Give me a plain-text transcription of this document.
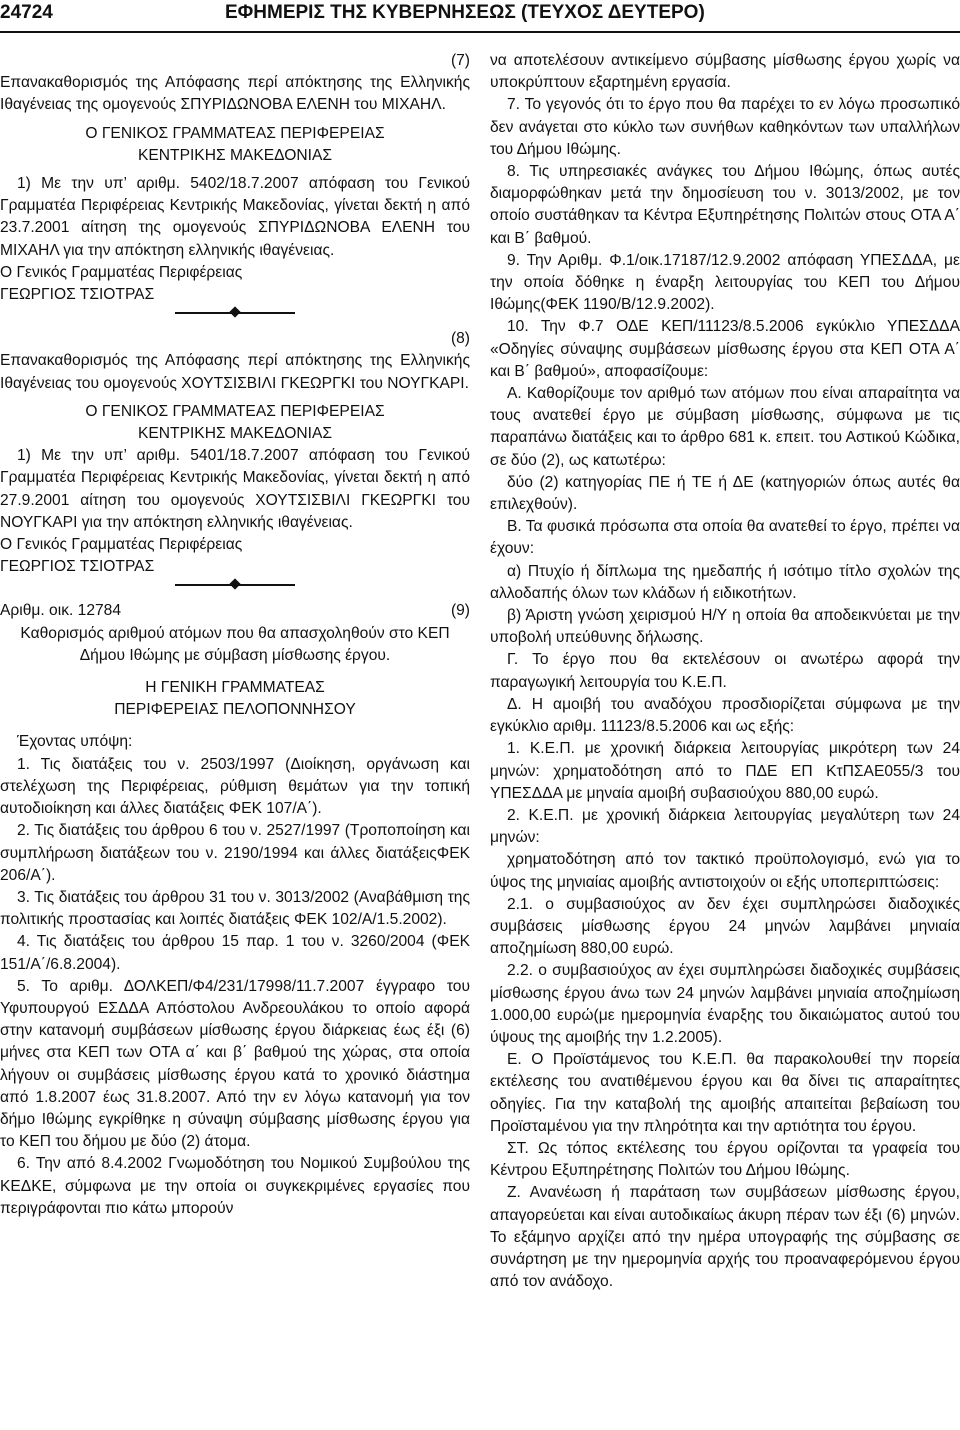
24724	ΕΦΗΜΕΡΙΣ ΤΗΣ ΚΥΒΕΡΝΗΣΕΩΣ (ΤΕΥΧΟΣ ΔΕΥΤΕΡΟ)

(7)

Επανακαθορισμός της Απόφασης περί απόκτησης της Ελληνικής Ιθαγένειας της ομογενούς ΣΠΥΡΙΔΩΝΟΒΑ ΕΛΕΝΗ του ΜΙΧΑΗΛ.

Ο ΓΕΝΙΚΟΣ ΓΡΑΜΜΑΤΕΑΣ ΠΕΡΙΦΕΡΕΙΑΣ

ΚΕΝΤΡΙΚΗΣ ΜΑΚΕΔΟΝΙΑΣ

1) Με την υπ’ αριθμ. 5402/18.7.2007 απόφαση του Γενικού Γραμματέα Περιφέρειας Κεντρικής Μακεδονίας, γίνεται δεκτή η από 23.7.2001 αίτηση της ομογενούς ΣΠΥΡΙΔΩΝΟΒΑ ΕΛΕΝΗ του ΜΙΧΑΗΛ για την απόκτηση ελληνικής ιθαγένειας.

Ο Γενικός Γραμματέας Περιφέρειας

ΓΕΩΡΓΙΟΣ ΤΣΙΟΤΡΑΣ

(8)

Επανακαθορισμός της Απόφασης περί απόκτησης της Ελληνικής Ιθαγένειας του ομογενούς ΧΟΥΤΣΙΣΒΙΛΙ ΓΚΕΩΡΓΚΙ του ΝΟΥΓΚΑΡΙ.

Ο ΓΕΝΙΚΟΣ ΓΡΑΜΜΑΤΕΑΣ ΠΕΡΙΦΕΡΕΙΑΣ

ΚΕΝΤΡΙΚΗΣ ΜΑΚΕΔΟΝΙΑΣ

1) Με την υπ’ αριθμ. 5401/18.7.2007 απόφαση του Γενικού Γραμματέα Περιφέρειας Κεντρικής Μακεδονίας, γίνεται δεκτή η από 27.9.2001 αίτηση του ομογενούς ΧΟΥΤΣΙΣΒΙΛΙ ΓΚΕΩΡΓΚΙ του ΝΟΥΓΚΑΡΙ για την απόκτηση ελληνικής ιθαγένειας.

Ο Γενικός Γραμματέας Περιφέρειας

ΓΕΩΡΓΙΟΣ ΤΣΙΟΤΡΑΣ

Αριθμ. οικ. 12784	(9)

Καθορισμός αριθμού ατόμων που θα απασχοληθούν στο ΚΕΠ Δήμου Ιθώμης με σύμβαση μίσθωσης έργου.

Η ΓΕΝΙΚΗ ΓΡΑΜΜΑΤΕΑΣ

ΠΕΡΙΦΕΡΕΙΑΣ ΠΕΛΟΠΟΝΝΗΣΟΥ

Έχοντας υπόψη:

1. Τις διατάξεις του ν. 2503/1997 (Διοίκηση, οργάνωση και στελέχωση της Περιφέρειας, ρύθμιση θεμάτων για την τοπική αυτοδιοίκηση και άλλες διατάξεις ΦΕΚ 107/Α΄).

2. Τις διατάξεις του άρθρου 6 του ν. 2527/1997 (Τροποποίηση και συμπλήρωση διατάξεων του ν. 2190/1994 και άλλες διατάξειςΦΕΚ 206/Α΄).

3. Τις διατάξεις του άρθρου 31 του ν. 3013/2002 (Αναβάθμιση της πολιτικής προστασίας και λοιπές διατάξεις ΦΕΚ 102/Α/1.5.2002).

4. Τις διατάξεις του άρθρου 15 παρ. 1 του ν. 3260/2004 (ΦΕΚ 151/Α΄/6.8.2004).

5. Το αριθμ. ΔΟΛΚΕΠ/Φ4/231/17998/11.7.2007 έγγραφο του Υφυπουργού ΕΣΔΔΑ Απόστολου Ανδρεουλάκου το οποίο αφορά στην κατανομή συμβάσεων μίσθωσης έργου διάρκειας έως έξι (6) μήνες στα ΚΕΠ των ΟΤΑ α΄ και β΄ βαθμού της χώρας, στα οποία λήγουν οι συμβάσεις μίσθωσης έργου κατά το χρονικό διάστημα από 1.8.2007 έως 31.8.2007. Από την εν λόγω κατανομή για τον δήμο Ιθώμης εγκρίθηκε η σύναψη σύμβασης μίσθωσης έργου για το ΚΕΠ του δήμου με δύο (2) άτομα.

6. Την από 8.4.2002 Γνωμοδότηση του Νομικού Συμβούλου της ΚΕΔΚΕ, σύμφωνα με την οποία οι συγκεκριμένες εργασίες που περιγράφονται πιο κάτω μπορούν

να αποτελέσουν αντικείμενο σύμβασης μίσθωσης έργου χωρίς να υποκρύπτουν εξαρτημένη εργασία.

7. Το γεγονός ότι το έργο που θα παρέχει το εν λόγω προσωπικό δεν ανάγεται στο κύκλο των συνήθων καθηκόντων των υπαλλήλων του Δήμου Ιθώμης.

8. Τις υπηρεσιακές ανάγκες του Δήμου Ιθώμης, όπως αυτές διαμορφώθηκαν μετά την δημοσίευση του ν. 3013/2002, με τον οποίο συστάθηκαν τα Κέντρα Εξυπηρέτησης Πολιτών στους ΟΤΑ Α΄ και Β΄ βαθμού.

9. Την Αριθμ. Φ.1/οικ.17187/12.9.2002 απόφαση ΥΠΕΣΔΔΑ, με την οποία δόθηκε η έναρξη λειτουργίας του ΚΕΠ του Δήμου Ιθώμης(ΦΕΚ 1190/Β/12.9.2002).

10. Την Φ.7 ΟΔΕ ΚΕΠ/11123/8.5.2006 εγκύκλιο ΥΠΕΣΔΔΑ «Οδηγίες σύναψης συμβάσεων μίσθωσης έργου στα ΚΕΠ ΟΤΑ Α΄ και Β΄ βαθμού», αποφασίζουμε:

Α. Καθορίζουμε τον αριθμό των ατόμων που είναι απαραίτητα να τους ανατεθεί έργο με σύμβαση μίσθωσης, σύμφωνα με τις παραπάνω διατάξεις και το άρθρο 681 κ. επειτ. του Αστικού Κώδικα, σε δύο (2), ως κατωτέρω:

δύο (2) κατηγορίας ΠΕ ή ΤΕ ή ΔΕ (κατηγοριών όπως αυτές θα επιλεχθούν).

Β. Τα φυσικά πρόσωπα στα οποία θα ανατεθεί το έργο, πρέπει να έχουν:

α) Πτυχίο ή δίπλωμα της ημεδαπής ή ισότιμο τίτλο σχολών της αλλοδαπής όλων των κλάδων ή ειδικοτήτων.

β) Άριστη γνώση χειρισμού Η/Υ η οποία θα αποδεικνύεται με την υποβολή υπεύθυνης δήλωσης.

Γ. Το έργο που θα εκτελέσουν οι ανωτέρω αφορά την παραγωγική λειτουργία του Κ.Ε.Π.

Δ. Η αμοιβή του αναδόχου προσδιορίζεται σύμφωνα με την εγκύκλιο αριθμ. 11123/8.5.2006 και ως εξής:

1. Κ.Ε.Π. με χρονική διάρκεια λειτουργίας μικρότερη των 24 μηνών: χρηματοδότηση από το ΠΔΕ ΕΠ ΚτΠΣΑΕ055/3 του ΥΠΕΣΔΔΑ με μηναία αμοιβή συβασιούχου 880,00 ευρώ.

2. Κ.Ε.Π. με χρονική διάρκεια λειτουργίας μεγαλύτερη των 24 μηνών:

χρηματοδότηση από τον τακτικό προϋπολογισμό, ενώ για το ύψος της μηνιαίας αμοιβής αντιστοιχούν οι εξής υποπεριπτώσεις:

2.1. ο συμβασιούχος αν δεν έχει συμπληρώσει διαδοχικές συμβάσεις μίσθωσης έργου 24 μηνών λαμβάνει μηνιαία αποζημίωση 880,00 ευρώ.

2.2. ο συμβασιούχος αν έχει συμπληρώσει διαδοχικές συμβάσεις μίσθωσης έργου άνω των 24 μηνών λαμβάνει μηνιαία αποζημίωση 1.000,00 ευρώ(με ημερομηνία έναρξης του δικαιώματος αυτού του ύψους της αμοιβής την 1.2.2005).

Ε. Ο Προϊστάμενος του Κ.Ε.Π. θα παρακολουθεί την πορεία εκτέλεσης του ανατιθέμενου έργου και θα δίνει τις απαραίτητες οδηγίες. Για την καταβολή της αμοιβής απαιτείται βεβαίωση του Προϊσταμένου για την πληρότητα και την αρτιότητα του έργου.

ΣΤ. Ως τόπος εκτέλεσης του έργου ορίζονται τα γραφεία του Κέντρου Εξυπηρέτησης Πολιτών του Δήμου Ιθώμης.

Ζ. Ανανέωση ή παράταση των συμβάσεων μίσθωσης έργου, απαγορεύεται και είναι αυτοδικαίως άκυρη πέραν των έξι (6) μηνών. Το εξάμηνο αρχίζει από την ημέρα υπογραφής της σύμβασης σε συνάρτηση με την ημερομηνία αρχής του προαναφερόμενου έργου από τον ανάδοχο.
